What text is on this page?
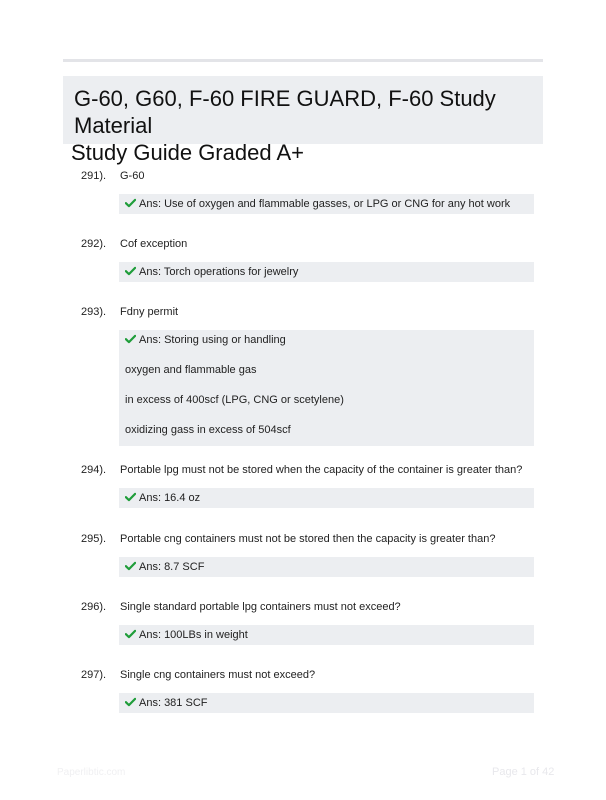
G-60, G60, F-60 FIRE GUARD, F-60 Study Material
Study Guide Graded A+
291). G-60
Ans: Use of oxygen and flammable gasses, or LPG or CNG for any hot work
292). Cof exception
Ans: Torch operations for jewelry
293). Fdny permit
Ans: Storing using or handling
oxygen and flammable gas
in excess of 400scf (LPG, CNG or scetylene)
oxidizing gass in excess of 504scf
294). Portable lpg must not be stored when the capacity of the container is greater than?
Ans: 16.4 oz
295). Portable cng containers must not be stored then the capacity is greater than?
Ans: 8.7 SCF
296). Single standard portable lpg containers must not exceed?
Ans: 100LBs in weight
297). Single cng containers must not exceed?
Ans: 381 SCF
Paperlibtic.com	Page 1 of 42
